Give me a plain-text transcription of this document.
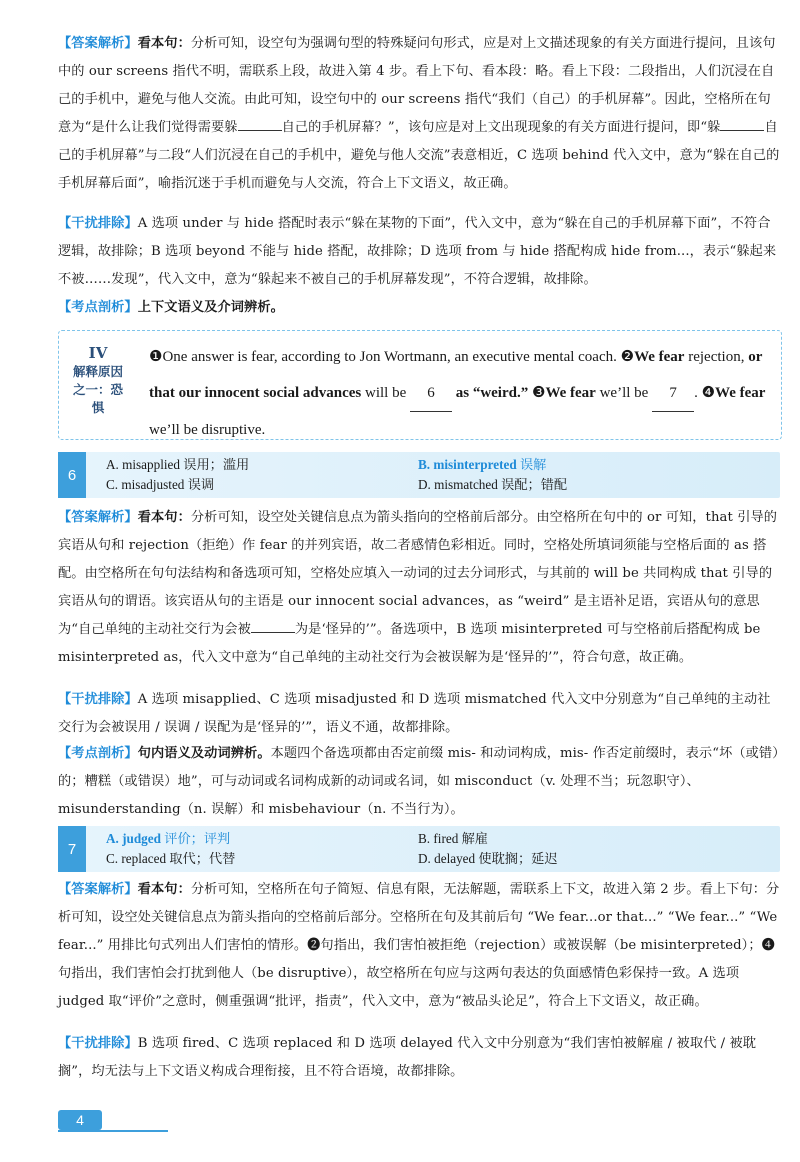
【答案解析】看本句：分析可知，设空句为强调句型的特殊疑问句形式，应是对上文描述现象的有关方面进行提问，且该句中的 our screens 指代不明，需联系上段，故进入第 4 步。看上下句、看本段：略。看上下段：二段指出，人们沉浸在自己的手机中，避免与他人交流。由此可知，设空句中的 our screens 指代“我们（自己）的手机屏幕”。因此，空格所在句意为“是什么让我们觉得需要躲	自己的手机屏幕？”，该句应是对上文出现现象的有关方面进行提问，即“躲	自己的手机屏幕”与二段“人们沉浸在自己的手机中，避免与他人交流”表意相近，C 选项 behind 代入文中，意为“躲在自己的手机屏幕后面”，喻指沉迷于手机而避免与人交流，符合上下文语义，故正确。
【干扰排除】A 选项 under 与 hide 搭配时表示“躲在某物的下面”，代入文中，意为“躲在自己的手机屏幕下面”，不符合逻辑，故排除；B 选项 beyond 不能与 hide 搭配，故排除；D 选项 from 与 hide 搭配构成 hide from...，表示“躲起来不被……发现”，代入文中，意为“躲起来不被自己的手机屏幕发现”，不符合逻辑，故排除。
【考点剖析】上下文语义及介词辨析。
IV
解释原因之一：恐惧
❶One answer is fear, according to Jon Wortmann, an executive mental coach. ❷We fear rejection, or that our innocent social advances will be 6 as “weird.” ❸We fear we’ll be 7 . ❹We fear we’ll be disruptive.
6
A. misapplied 误用；滥用	B. misinterpreted 误解
C. misadjusted 误调	D. mismatched 误配；错配
【答案解析】看本句：分析可知，设空处关键信息点为箭头指向的空格前后部分。由空格所在句中的 or 可知，that 引导的宾语从句和 rejection（拒绝）作 fear 的并列宾语，故二者感情色彩相近。同时，空格处所填词须能与空格后面的 as 搭配。由空格所在句句法结构和备选项可知，空格处应填入一动词的过去分词形式，与其前的 will be 共同构成 that 引导的宾语从句的谓语。该宾语从句的主语是 our innocent social advances，as “weird” 是主语补足语，宾语从句的意思为“自己单纯的主动社交行为会被	为是‘怪异的’”。备选项中，B 选项 misinterpreted 可与空格前后搭配构成 be misinterpreted as，代入文中意为“自己单纯的主动社交行为会被误解为是‘怪异的’”，符合句意，故正确。
【干扰排除】A 选项 misapplied、C 选项 misadjusted 和 D 选项 mismatched 代入文中分别意为“自己单纯的主动社交行为会被误用 / 误调 / 误配为是‘怪异的’”，语义不通，故都排除。
【考点剖析】句内语义及动词辨析。本题四个备选项都由否定前缀 mis- 和动词构成，mis- 作否定前缀时，表示“坏（或错）的；糟糕（或错误）地”，可与动词或名词构成新的动词或名词，如 misconduct（v. 处理不当；玩忽职守）、misunderstanding（n. 误解）和 misbehaviour（n. 不当行为）。
7
A. judged 评价；评判	B. fired 解雇
C. replaced 取代；代替	D. delayed 使耽搁；延迟
【答案解析】看本句：分析可知，空格所在句子简短、信息有限，无法解题，需联系上下文，故进入第 2 步。看上下句：分析可知，设空处关键信息点为箭头指向的空格前后部分。空格所在句及其前后句 “We fear...or that...” “We fear...” “We fear...” 用排比句式列出人们害怕的情形。❷句指出，我们害怕被拒绝（rejection）或被误解（be misinterpreted）；❹句指出，我们害怕会打扰到他人（be disruptive），故空格所在句应与这两句表达的负面感情色彩保持一致。A 选项 judged 取“评价”之意时，侧重强调“批评，指责”，代入文中，意为“被品头论足”，符合上下文语义，故正确。
【干扰排除】B 选项 fired、C 选项 replaced 和 D 选项 delayed 代入文中分别意为“我们害怕被解雇 / 被取代 / 被耽搁”，均无法与上下文语义构成合理衔接，且不符合语境，故都排除。
4
